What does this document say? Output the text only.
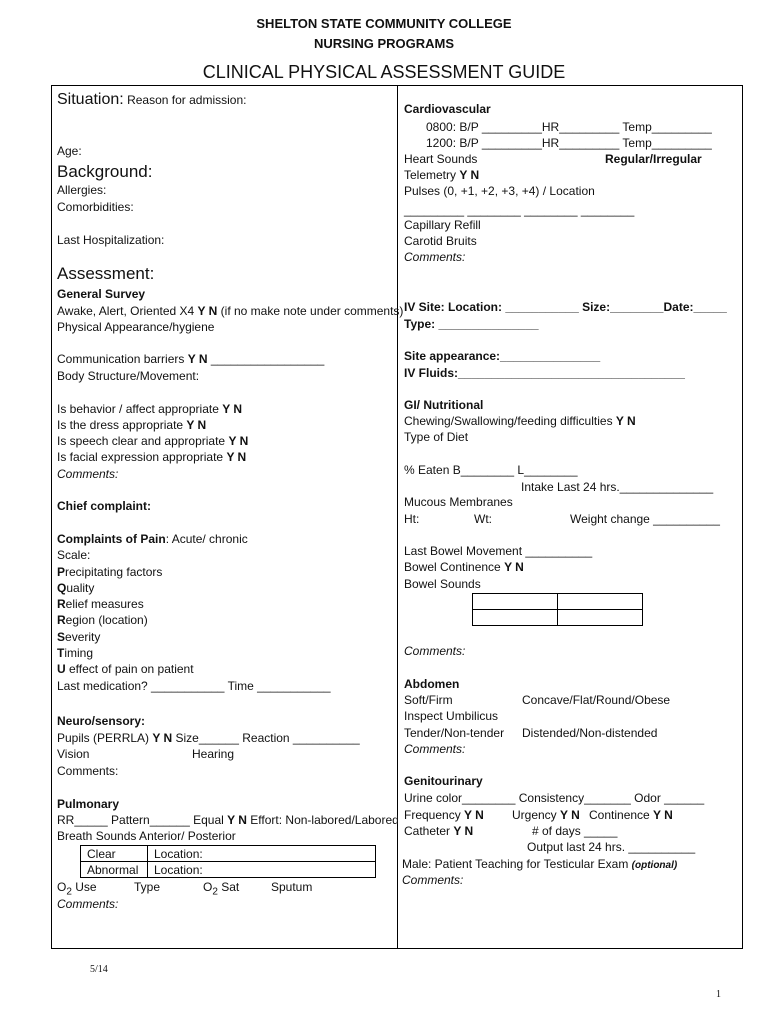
SHELTON STATE COMMUNITY COLLEGE
NURSING PROGRAMS
CLINICAL PHYSICAL ASSESSMENT GUIDE
Situation: Reason for admission:
Age:
Background:
Allergies:
Comorbidities:
Last Hospitalization:
Assessment:
General Survey
Awake, Alert, Oriented X4 Y N (if no make note under comments)
Physical Appearance/hygiene
Communication barriers Y N _________________
Body Structure/Movement:
Is behavior / affect appropriate Y N
Is the dress appropriate Y N
Is speech clear and appropriate Y N
Is facial expression appropriate Y N
Comments:
Chief complaint:
Complaints of Pain: Acute/ chronic
Scale:
Precipitating factors
Quality
Relief measures
Region (location)
Severity
Timing
U effect of pain on patient
Last medication? ___________ Time ___________
Neuro/sensory:
Pupils (PERRLA) Y N Size______ Reaction __________
Vision	Hearing
Comments:
Pulmonary
RR_____ Pattern______ Equal Y N Effort: Non-labored/Labored
Breath Sounds Anterior/ Posterior
Clear	Location:
Abnormal	Location:
$O_2$ Use	Type	$O_2$ Sat	Sputum
Comments:
Cardiovascular
0800: B/P _________HR_________ Temp_________
1200: B/P _________HR_________ Temp_________
Heart Sounds	Regular/Irregular
Telemetry Y N
Pulses (0, +1, +2, +3, +4) / Location
_________ ________ ________ ________
Capillary Refill
Carotid Bruits
Comments:
IV Site: Location: ___________ Size:________Date:_____
Type: _______________
Site appearance:_______________
IV Fluids:__________________________________
GI/ Nutritional
Chewing/Swallowing/feeding difficulties Y N
Type of Diet
% Eaten B________ L________
Intake Last 24 hrs.______________
Mucous Membranes
Ht:	Wt:	Weight change __________
Last Bowel Movement __________
Bowel Continence Y N
Bowel Sounds

Comments:
Abdomen
Soft/Firm	Concave/Flat/Round/Obese
Inspect Umbilicus
Tender/Non-tender Distended/Non-distended
Comments:
Genitourinary
Urine color________ Consistency_______ Odor ______
Frequency Y N Urgency Y N Continence Y N
Catheter Y N	# of days _____
Output last 24 hrs. __________
Male: Patient Teaching for Testicular Exam (optional)
Comments:
5/14
1
